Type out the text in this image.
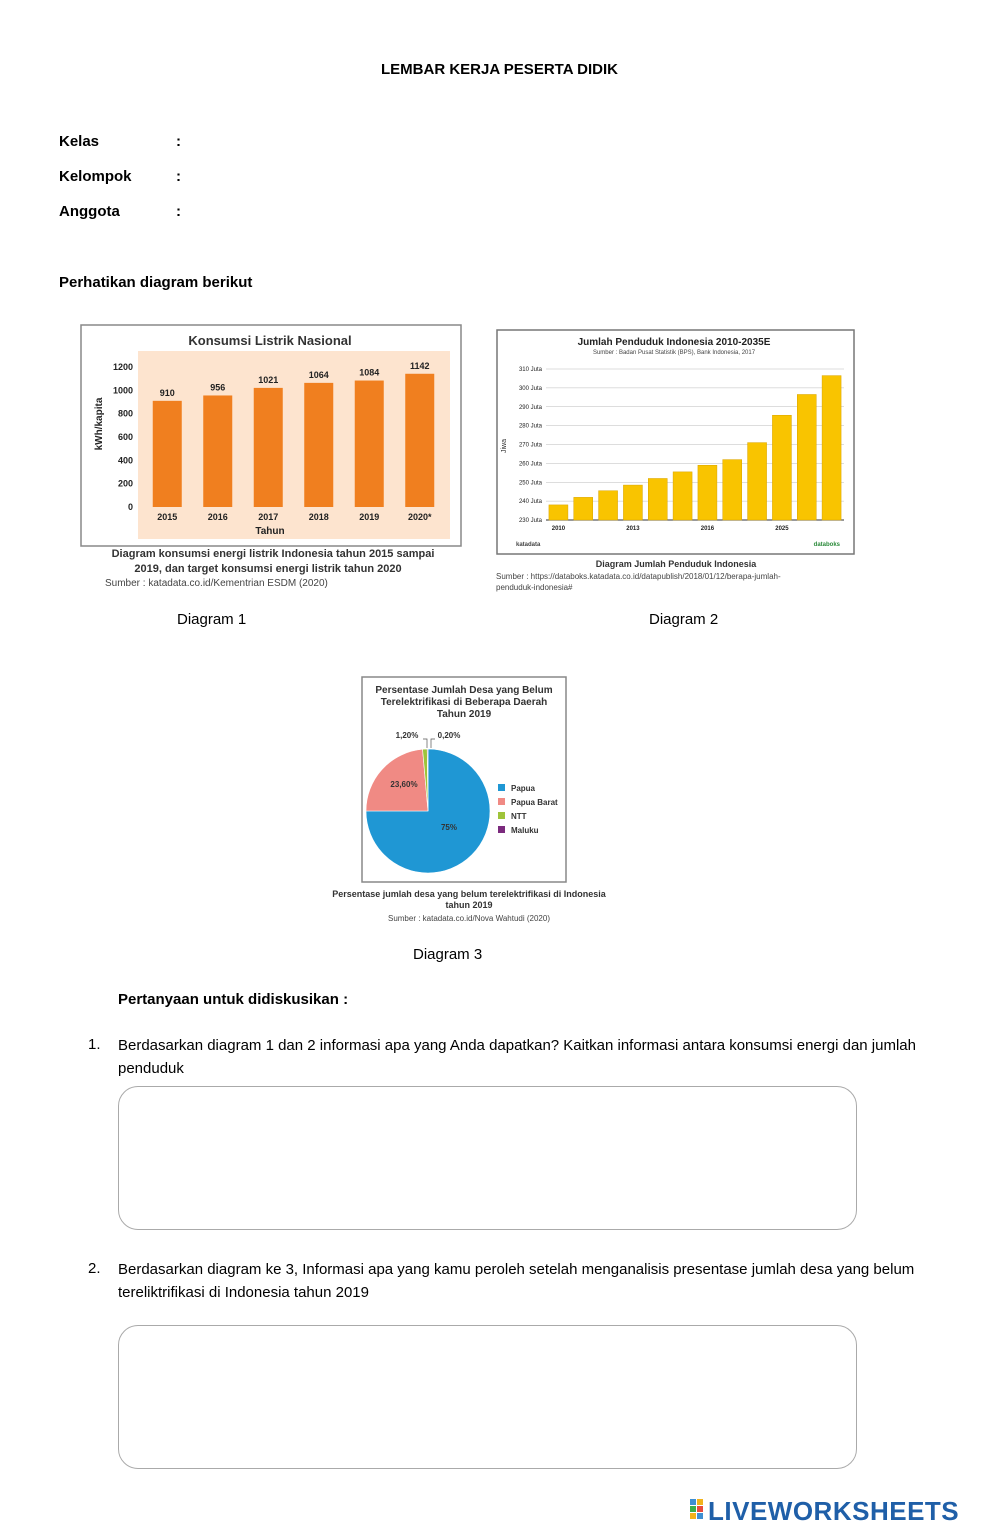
LEMBAR KERJA PESERTA DIDIK
Kelas	:
Kelompok	:
Anggota	:
Perhatikan diagram berikut
Konsumsi Listrik Nasional
0
200
400
600
800
1000
1200
910
2015
956
2016
1021
2017
1064
2018
1084
2019
1142
2020*
kWh/kapita
Tahun
Diagram konsumsi energi listrik Indonesia tahun 2015 sampai
2019, dan target konsumsi energi listrik tahun 2020
Sumber : katadata.co.id/Kementrian ESDM (2020)
Jumlah Penduduk Indonesia 2010-2035E
Sumber : Badan Pusat Statistik (BPS), Bank Indonesia, 2017
230 Juta
240 Juta
250 Juta
260 Juta
270 Juta
280 Juta
290 Juta
300 Juta
310 Juta
2010	2013	2016	2025
Jiwa
katadata	databoks
Diagram Jumlah Penduduk Indonesia
Sumber : https://databoks.katadata.co.id/datapublish/2018/01/12/berapa-jumlah-
penduduk-indonesia#
Diagram 1	Diagram 2
Persentase Jumlah Desa yang Belum
Terelektrifikasi di Beberapa Daerah
Tahun 2019
1,20% 0,20%
23,60%
75%
Papua
Papua Barat
NTT
Maluku
Persentase jumlah desa yang belum terelektrifikasi di Indonesia
tahun 2019
Sumber : katadata.co.id/Nova Wahtudi (2020)
Diagram 3
Pertanyaan untuk didiskusikan :
1. Berdasarkan diagram 1 dan 2 informasi apa yang Anda dapatkan? Kaitkan informasi antara konsumsi energi dan jumlah penduduk
2. Berdasarkan diagram ke 3, Informasi apa yang kamu peroleh setelah menganalisis presentase jumlah desa yang belum tereliktrifikasi di Indonesia tahun 2019
LIVEWORKSHEETS
